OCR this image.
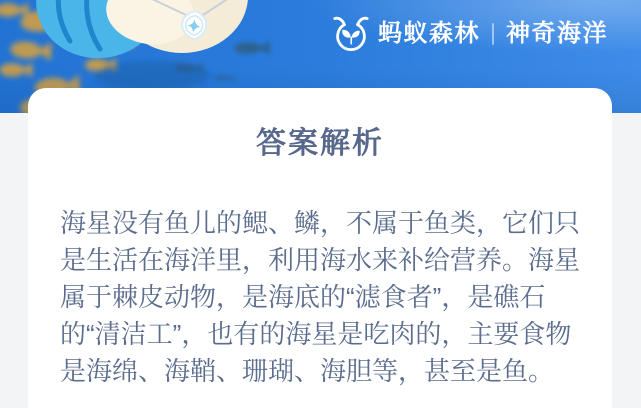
蚂蚁森林 神奇海洋
答案解析
海星没有鱼儿的鳃、鳞，不属于鱼类，它们只
是生活在海洋里，利用海水来补给营养。海星
属于棘皮动物，是海底的“滤食者”，是礁石
的“清洁工”，也有的海星是吃肉的，主要食物
是海绵、海鞘、珊瑚、海胆等，甚至是鱼。
